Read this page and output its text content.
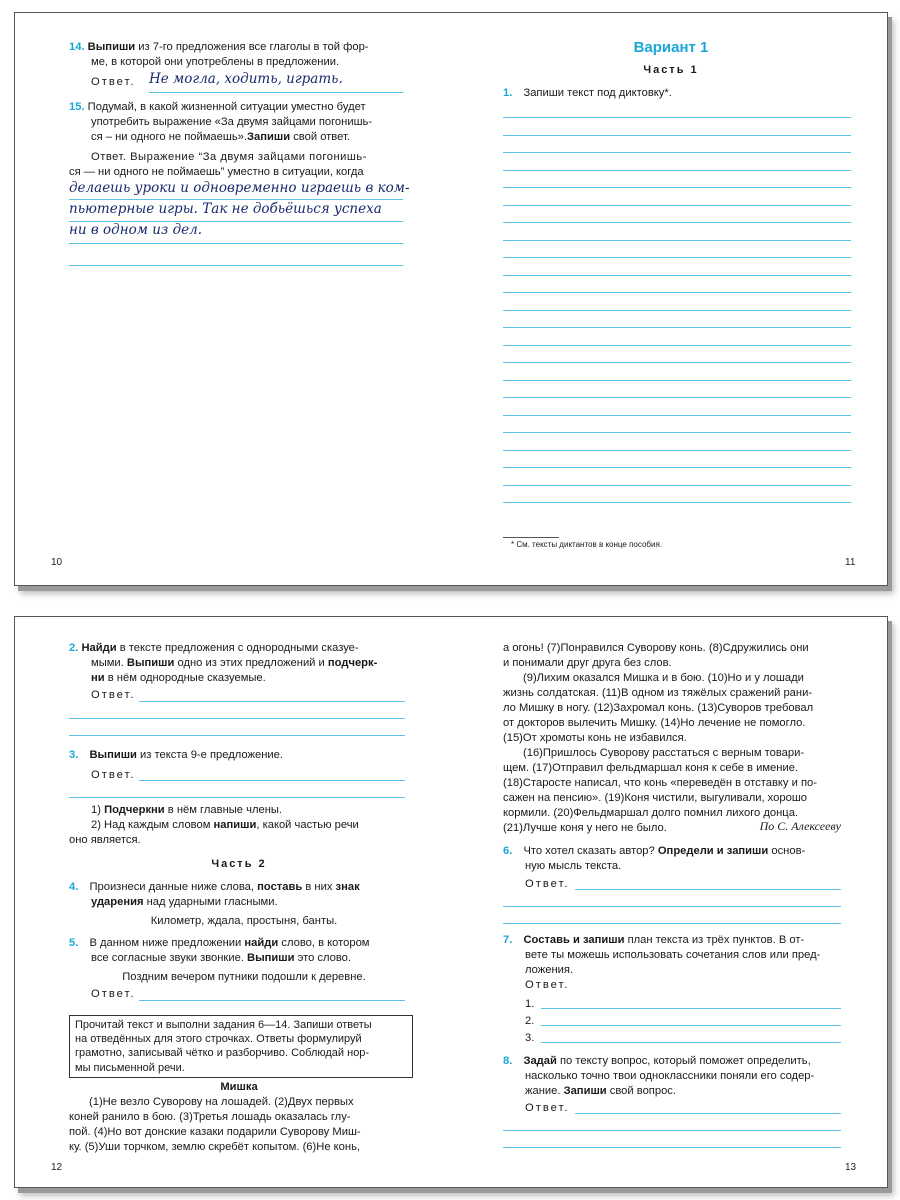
14. Выпиши из 7-го предложения все глаголы в той фор-
ме, в которой они употреблены в предложении.
Ответ. Не могла, ходить, играть.
15. Подумай, в какой жизненной ситуации уместно будет
употребить выражение «За двумя зайцами погонишь-
ся – ни одного не поймаешь».Запиши свой ответ.
Ответ. Выражение “За двумя зайцами погонишь-
ся — ни одного не поймаешь” уместно в ситуации, когда
делаешь уроки и одновременно играешь в ком-
пьютерные игры. Так не добьёшься успеха
ни в одном из дел.
10
Вариант 1
Часть 1
1. Запиши текст под диктовку*.
* См. тексты диктантов в конце пособия.
11
2. Найди в тексте предложения с однородными сказуе-
мыми. Выпиши одно из этих предложений и подчерк-
ни в нём однородные сказуемые.
Ответ.
3. Выпиши из текста 9-е предложение.
Ответ.
1) Подчеркни в нём главные члены.
2) Над каждым словом напиши, какой частью речи
оно является.
Часть 2
4. Произнеси данные ниже слова, поставь в них знак
ударения над ударными гласными.
Километр, ждала, простыня, банты.
5. В данном ниже предложении найди слово, в котором
все согласные звуки звонкие. Выпиши это слово.
Поздним вечером путники подошли к деревне.
Ответ.
Прочитай текст и выполни задания 6—14. Запиши ответы
на отведённых для этого строчках. Ответы формулируй
грамотно, записывай чётко и разборчиво. Соблюдай нор-
мы письменной речи.
Мишка
(1)Не везло Суворову на лошадей. (2)Двух первых
коней ранило в бою. (3)Третья лошадь оказалась глу-
пой. (4)Но вот донские казаки подарили Суворову Миш-
ку. (5)Уши торчком, землю скребёт копытом. (6)Не конь,
12
а огонь! (7)Понравился Суворову конь. (8)Сдружились они
и понимали друг друга без слов.
(9)Лихим оказался Мишка и в бою. (10)Но и у лошади
жизнь солдатская. (11)В одном из тяжёлых сражений рани-
ло Мишку в ногу. (12)Захромал конь. (13)Суворов требовал
от докторов вылечить Мишку. (14)Но лечение не помогло.
(15)От хромоты конь не избавился.
(16)Пришлось Суворову расстаться с верным товари-
щем. (17)Отправил фельдмаршал коня к себе в имение.
(18)Старосте написал, что конь «переведён в отставку и по-
сажен на пенсию». (19)Коня чистили, выгуливали, хорошо
кормили. (20)Фельдмаршал долго помнил лихого донца.
(21)Лучше коня у него не было.	По С. Алексееву
6. Что хотел сказать автор? Определи и запиши основ-
ную мысль текста.
Ответ.
7. Составь и запиши план текста из трёх пунктов. В от-
вете ты можешь использовать сочетания слов или пред-
ложения.
Ответ.
1.
2.
3.
8. Задай по тексту вопрос, который поможет определить,
насколько точно твои одноклассники поняли его содер-
жание. Запиши свой вопрос.
Ответ.
13
